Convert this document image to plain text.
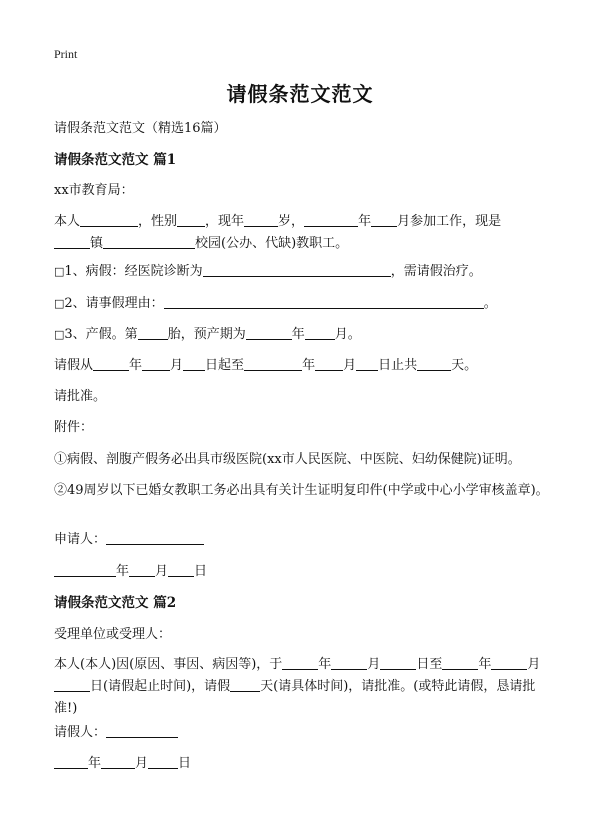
Print
请假条范文范文
请假条范文范文（精选16篇）
请假条范文范文 篇1
xx市教育局：
本人	，性别 ，现年	岁，	年 月参加工作，现是
镇	校园(公办、代缺)教职工。
□1、病假：经医院诊断为	，需请假治疗。
□2、请事假理由：	。
□3、产假。第 胎，预产期为	年 月。
请假从	年 月 日起至	年 月 日止共	天。
请批准。
附件：
①病假、剖腹产假务必出具市级医院(xx市人民医院、中医院、妇幼保健院)证明。
②49周岁以下已婚女教职工务必出具有关计生证明复印件(中学或中心小学审核盖章)。
申请人：
年 月 日
请假条范文范文 篇2
受理单位或受理人：
本人(本人)因(原因、事因、病因等)，于	年	月	日至	年	月
日(请假起止时间)，请假 天(请具体时间)，请批准。(或特此请假，恳请批准!)
请假人：
年	月 日
